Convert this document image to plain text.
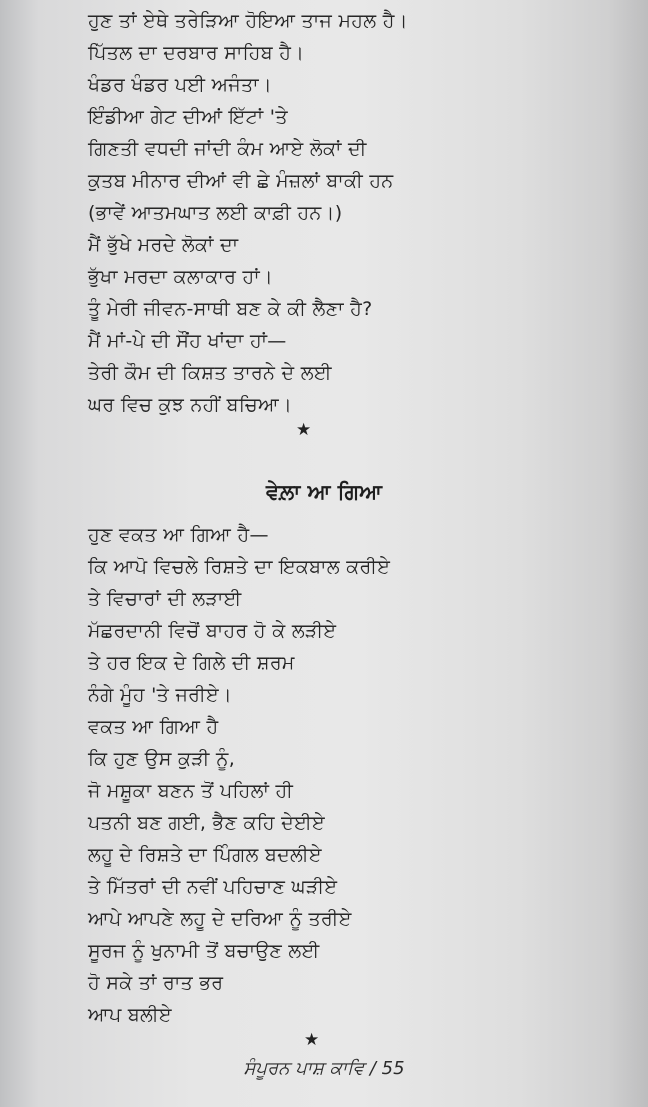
ਹੁਣ ਤਾਂ ਏਥੇ ਤਰੇੜਿਆ ਹੋਇਆ ਤਾਜ ਮਹਲ ਹੈ।
ਪਿੱਤਲ ਦਾ ਦਰਬਾਰ ਸਾਹਿਬ ਹੈ।
ਖੰਡਰ ਖੰਡਰ ਪਈ ਅਜੰਤਾ।
ਇੰਡੀਆ ਗੇਟ ਦੀਆਂ ਇੱਟਾਂ 'ਤੇ
ਗਿਣਤੀ ਵਧਦੀ ਜਾਂਦੀ ਕੰਮ ਆਏ ਲੋਕਾਂ ਦੀ
ਕੁਤਬ ਮੀਨਾਰ ਦੀਆਂ ਵੀ ਛੇ ਮੰਜ਼ਲਾਂ ਬਾਕੀ ਹਨ
(ਭਾਵੇਂ ਆਤਮਘਾਤ ਲਈ ਕਾਫ਼ੀ ਹਨ।)
ਮੈਂ ਭੁੱਖੇ ਮਰਦੇ ਲੋਕਾਂ ਦਾ
ਭੁੱਖਾ ਮਰਦਾ ਕਲਾਕਾਰ ਹਾਂ।
ਤੂੰ ਮੇਰੀ ਜੀਵਨ-ਸਾਥੀ ਬਣ ਕੇ ਕੀ ਲੈਣਾ ਹੈ?
ਮੈਂ ਮਾਂ-ਪੇ ਦੀ ਸੌਂਹ ਖਾਂਦਾ ਹਾਂ—
ਤੇਰੀ ਕੌਮ ਦੀ ਕਿਸ਼ਤ ਤਾਰਨੇ ਦੇ ਲਈ
ਘਰ ਵਿਚ ਕੁਝ ਨਹੀਂ ਬਚਿਆ।
★
ਵੇਲ਼ਾ ਆ ਗਿਆ
ਹੁਣ ਵਕਤ ਆ ਗਿਆ ਹੈ—
ਕਿ ਆਪੋ ਵਿਚਲੇ ਰਿਸ਼ਤੇ ਦਾ ਇਕਬਾਲ ਕਰੀਏ
ਤੇ ਵਿਚਾਰਾਂ ਦੀ ਲੜਾਈ
ਮੱਛਰਦਾਨੀ ਵਿਚੋਂ ਬਾਹਰ ਹੋ ਕੇ ਲੜੀਏ
ਤੇ ਹਰ ਇਕ ਦੇ ਗਿਲੇ ਦੀ ਸ਼ਰਮ
ਨੰਗੇ ਮੂੰਹ 'ਤੇ ਜਰੀਏ।
ਵਕਤ ਆ ਗਿਆ ਹੈ
ਕਿ ਹੁਣ ਉਸ ਕੁੜੀ ਨੂੰ,
ਜੋ ਮਸ਼ੂਕਾ ਬਣਨ ਤੋਂ ਪਹਿਲਾਂ ਹੀ
ਪਤਨੀ ਬਣ ਗਈ, ਭੈਣ ਕਹਿ ਦੇਈਏ
ਲਹੂ ਦੇ ਰਿਸ਼ਤੇ ਦਾ ਪਿੰਗਲ ਬਦਲੀਏ
ਤੇ ਮਿੱਤਰਾਂ ਦੀ ਨਵੀਂ ਪਹਿਚਾਣ ਘੜੀਏ
ਆਪੇ ਆਪਣੇ ਲਹੂ ਦੇ ਦਰਿਆ ਨੂੰ ਤਰੀਏ
ਸੂਰਜ ਨੂੰ ਖੁਨਾਮੀ ਤੋਂ ਬਚਾਉਣ ਲਈ
ਹੋ ਸਕੇ ਤਾਂ ਰਾਤ ਭਰ
ਆਪ ਬਲੀਏ
★
ਸੰਪੂਰਨ ਪਾਸ਼ ਕਾਵਿ / 55
